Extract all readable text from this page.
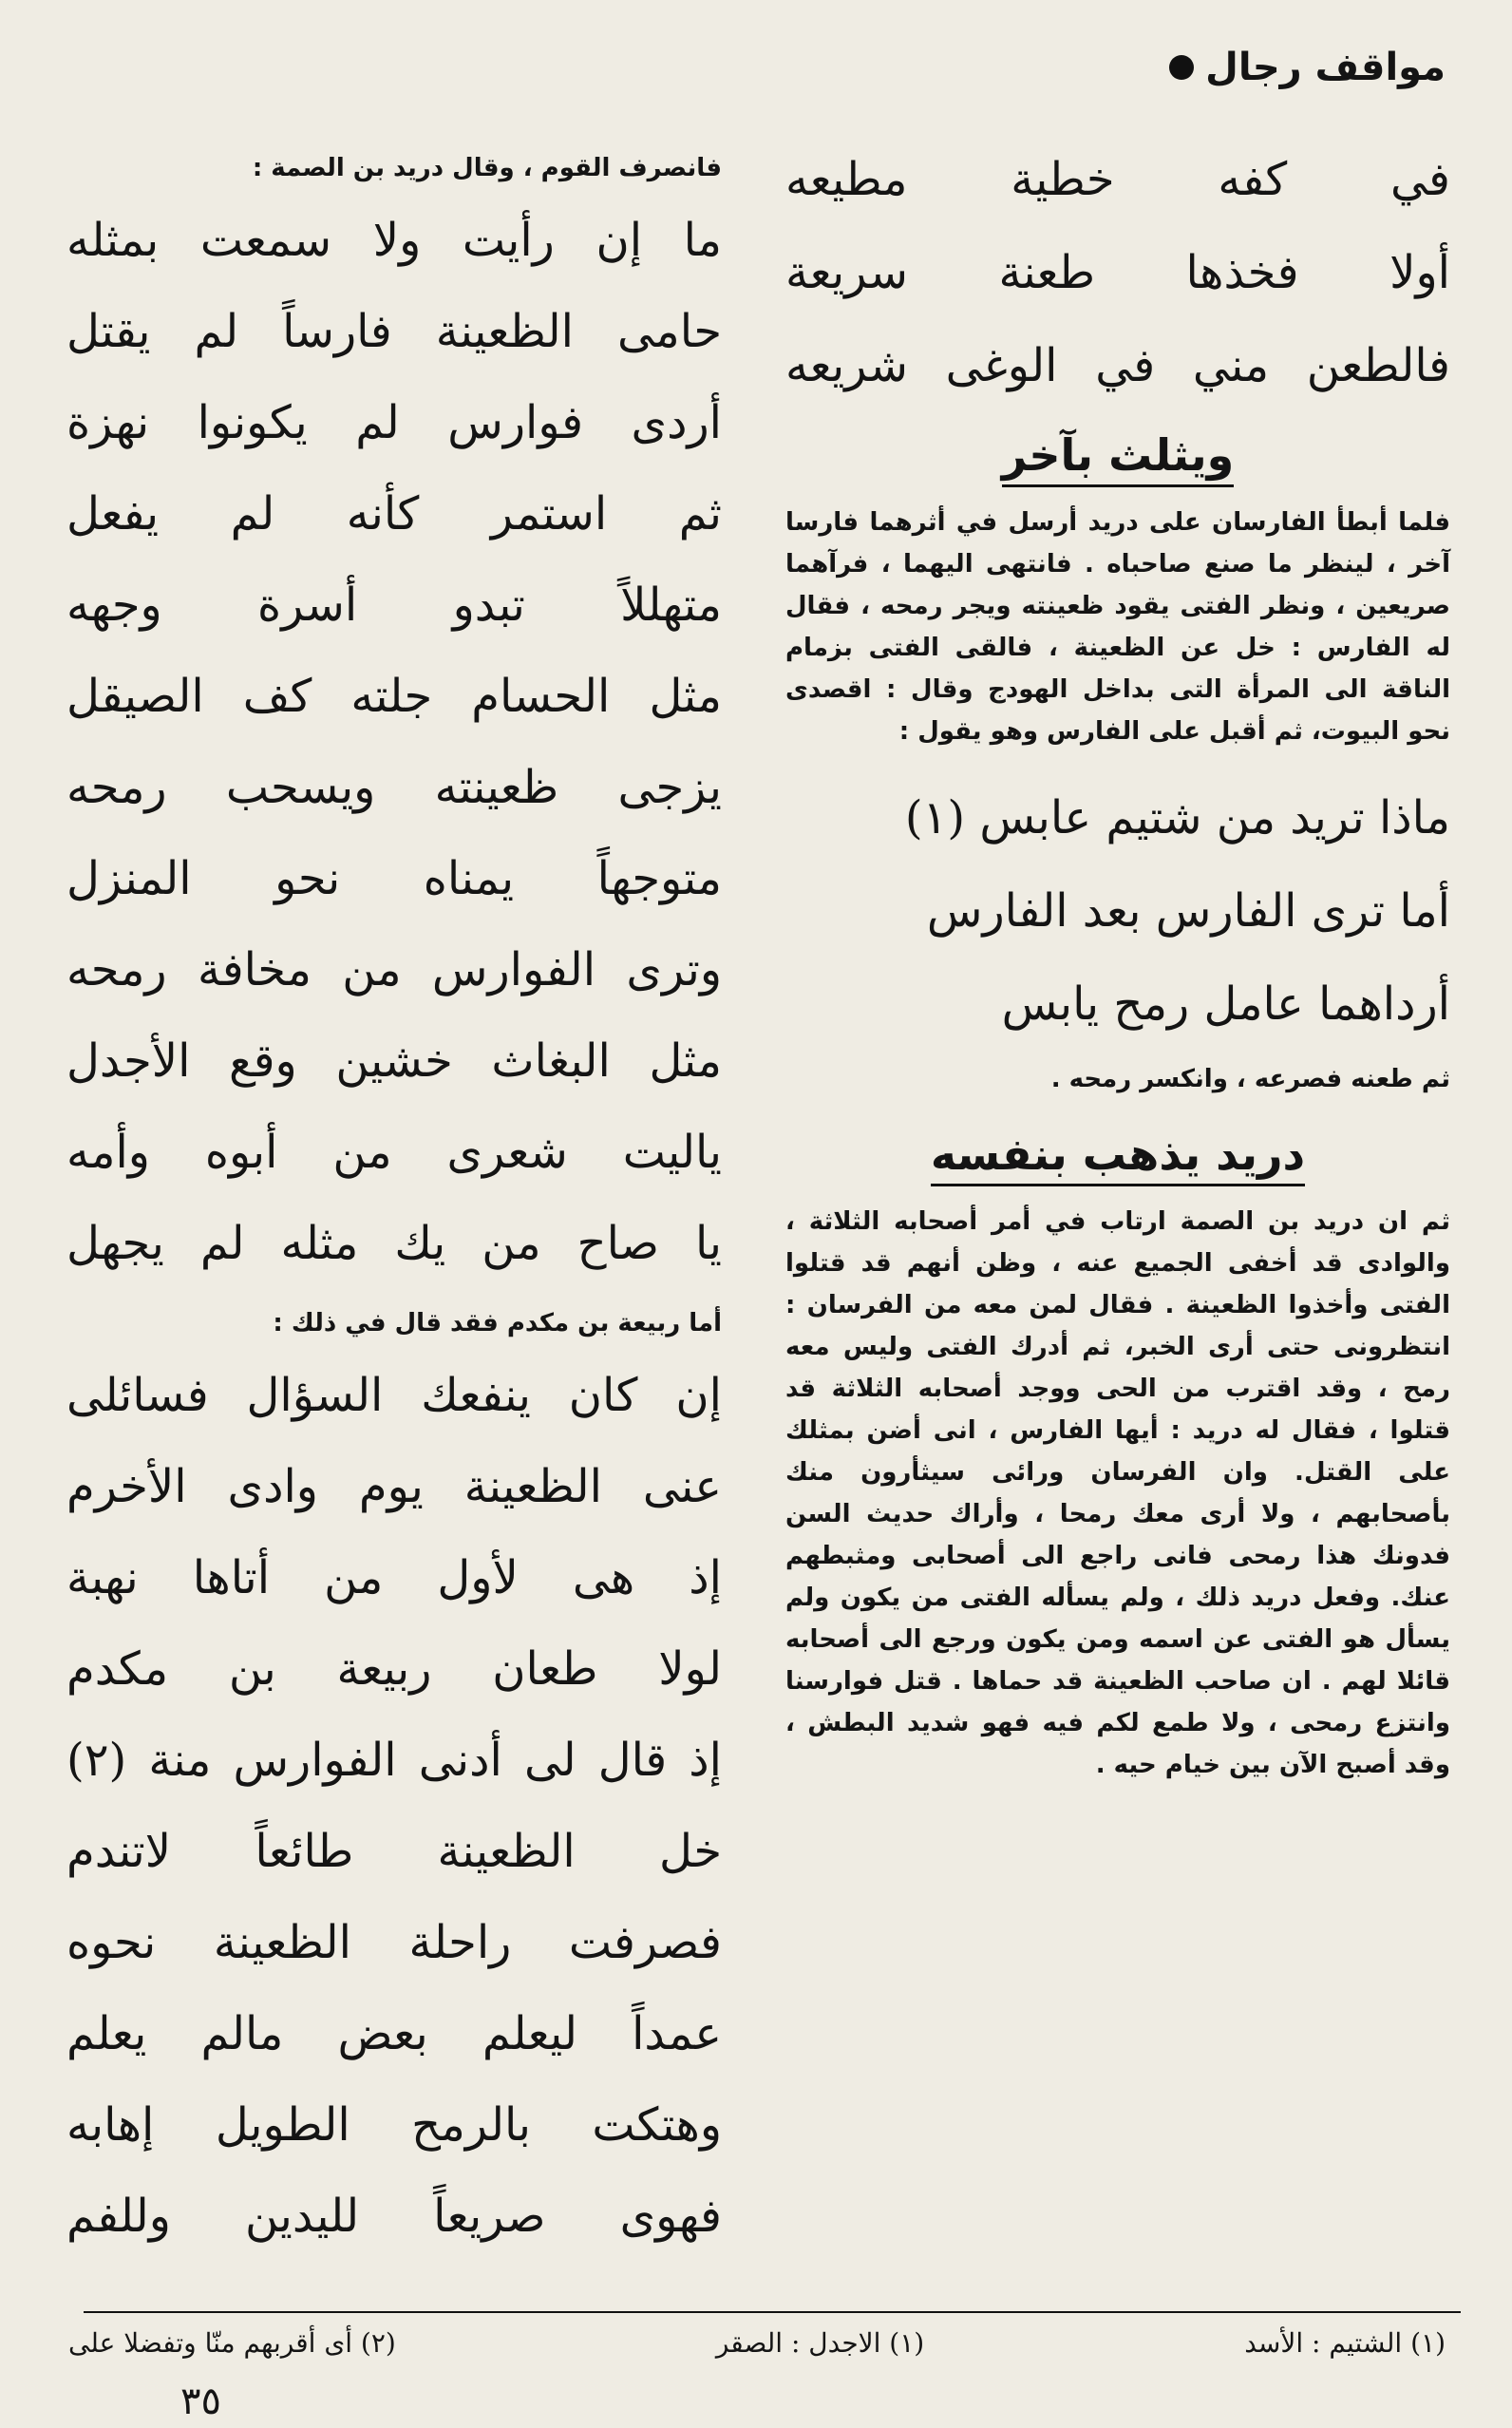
مواقف رجال
في كفه خطية مطيعه
أولا فخذها طعنة سريعة
فالطعن مني في الوغى شريعه
ويثلث بآخر
فلما أبطأ الفارسان على دريد أرسل في أثرهما فارسا آخر ، لينظر ما صنع صاحباه . فانتهى اليهما ، فرآهما صريعين ، ونظر الفتى يقود ظعينته ويجر رمحه ، فقال له الفارس : خل عن الظعينة ، فالقى الفتى بزمام الناقة الى المرأة التى بداخل الهودج وقال : اقصدى نحو البيوت، ثم أقبل على الفارس وهو يقول :
ماذا تريد من شتيم عابس (١)
أما ترى الفارس بعد الفارس
أرداهما عامل رمح يابس
ثم طعنه فصرعه ، وانكسر رمحه .
دريد يذهب بنفسه
ثم ان دريد بن الصمة ارتاب في أمر أصحابه الثلاثة ، والوادى قد أخفى الجميع عنه ، وظن أنهم قد قتلوا الفتى وأخذوا الظعينة . فقال لمن معه من الفرسان : انتظرونى حتى أرى الخبر، ثم أدرك الفتى وليس معه رمح ، وقد اقترب من الحى ووجد أصحابه الثلاثة قد قتلوا ، فقال له دريد : أيها الفارس ، انى أضن بمثلك على القتل. وان الفرسان ورائى سيثأرون منك بأصحابهم ، ولا أرى معك رمحا ، وأراك حديث السن فدونك هذا رمحى فانى راجع الى أصحابى ومثبطهم عنك. وفعل دريد ذلك ، ولم يسأله الفتى من يكون ولم يسأل هو الفتى عن اسمه ومن يكون ورجع الى أصحابه قائلا لهم . ان صاحب الظعينة قد حماها . قتل فوارسنا وانتزع رمحى ، ولا طمع لكم فيه فهو شديد البطش ، وقد أصبح الآن بين خيام حيه .
فانصرف القوم ، وقال دريد بن الصمة :
ما إن رأيت ولا سمعت بمثله
حامى الظعينة فارساً لم يقتل
أردى فوارس لم يكونوا نهزة
ثم استمر كأنه لم يفعل
متهللاً تبدو أسرة وجهه
مثل الحسام جلته كف الصيقل
يزجى ظعينته ويسحب رمحه
متوجهاً يمناه نحو المنزل
وترى الفوارس من مخافة رمحه
مثل البغاث خشين وقع الأجدل
ياليت شعرى من أبوه وأمه
يا صاح من يك مثله لم يجهل
أما ربيعة بن مكدم فقد قال في ذلك :
إن كان ينفعك السؤال فسائلى
عنى الظعينة يوم وادى الأخرم
إذ هى لأول من أتاها نهبة
لولا طعان ربيعة بن مكدم
إذ قال لى أدنى الفوارس منة (٢)
خل الظعينة طائعاً لاتندم
فصرفت راحلة الظعينة نحوه
عمداً ليعلم بعض مالم يعلم
وهتكت بالرمح الطويل إهابه
فهوى صريعاً لليدين وللفم
(١) الشتيم : الأسد
(١) الاجدل : الصقر
(٢) أى أقربهم منّا وتفضلا على
٣٥
